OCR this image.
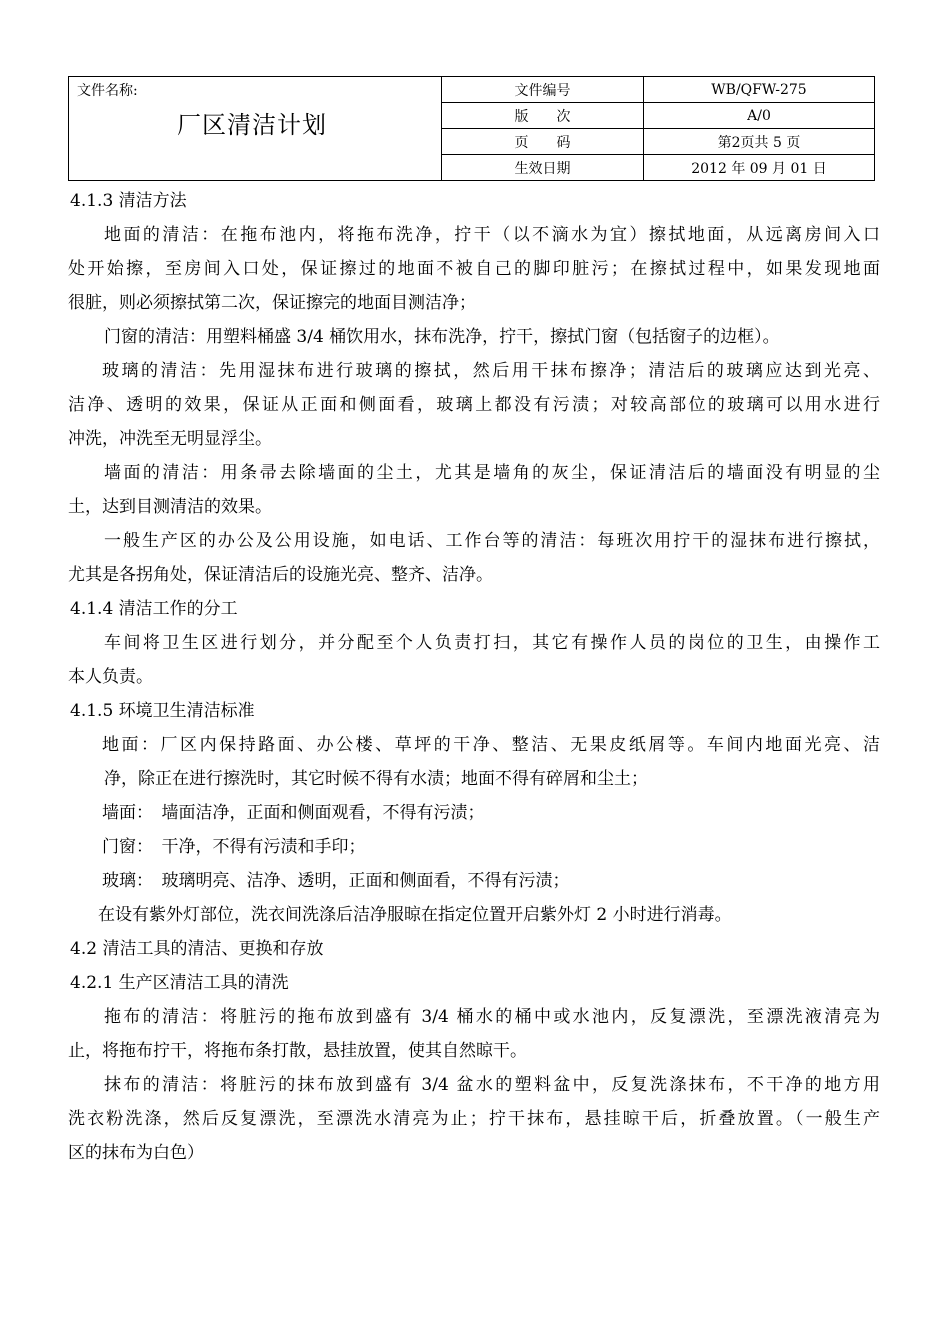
文件名称:
厂区清洁计划	文件编号	WB/QFW-275
	版　　次	A/0
	页　　码	第2页共 5 页
	生效日期	2012 年 09 月 01 日
4.1.3 清洁方法
地面的清洁：在拖布池内，将拖布洗净，拧干（以不滴水为宜）擦拭地面，从远离房间入口
处开始擦，至房间入口处，保证擦过的地面不被自己的脚印脏污；在擦拭过程中，如果发现地面
很脏，则必须擦拭第二次，保证擦完的地面目测洁净；
门窗的清洁：用塑料桶盛 3/4 桶饮用水，抹布洗净，拧干，擦拭门窗（包括窗子的边框）。
玻璃的清洁：先用湿抹布进行玻璃的擦拭，然后用干抹布擦净；清洁后的玻璃应达到光亮、
洁净、透明的效果，保证从正面和侧面看，玻璃上都没有污渍；对较高部位的玻璃可以用水进行
冲洗，冲洗至无明显浮尘。
墙面的清洁：用条帚去除墙面的尘土，尤其是墙角的灰尘，保证清洁后的墙面没有明显的尘
土，达到目测清洁的效果。
一般生产区的办公及公用设施，如电话、工作台等的清洁：每班次用拧干的湿抹布进行擦拭，
尤其是各拐角处，保证清洁后的设施光亮、整齐、洁净。
4.1.4 清洁工作的分工
车间将卫生区进行划分，并分配至个人负责打扫，其它有操作人员的岗位的卫生，由操作工
本人负责。
4.1.5 环境卫生清洁标准
地面：厂区内保持路面、办公楼、草坪的干净、整洁、无果皮纸屑等。车间内地面光亮、洁
净，除正在进行擦洗时，其它时候不得有水渍；地面不得有碎屑和尘土；
墙面：　墙面洁净，正面和侧面观看，不得有污渍；
门窗：　干净，不得有污渍和手印；
玻璃：　玻璃明亮、洁净、透明，正面和侧面看，不得有污渍；
在设有紫外灯部位，洗衣间洗涤后洁净服晾在指定位置开启紫外灯 2 小时进行消毒。
4.2 清洁工具的清洁、更换和存放
4.2.1 生产区清洁工具的清洗
拖布的清洁：将脏污的拖布放到盛有 3/4 桶水的桶中或水池内，反复漂洗，至漂洗液清亮为
止，将拖布拧干，将拖布条打散，悬挂放置，使其自然晾干。
抹布的清洁：将脏污的抹布放到盛有 3/4 盆水的塑料盆中，反复洗涤抹布，不干净的地方用
洗衣粉洗涤，然后反复漂洗，至漂洗水清亮为止；拧干抹布，悬挂晾干后，折叠放置。（一般生产
区的抹布为白色）
